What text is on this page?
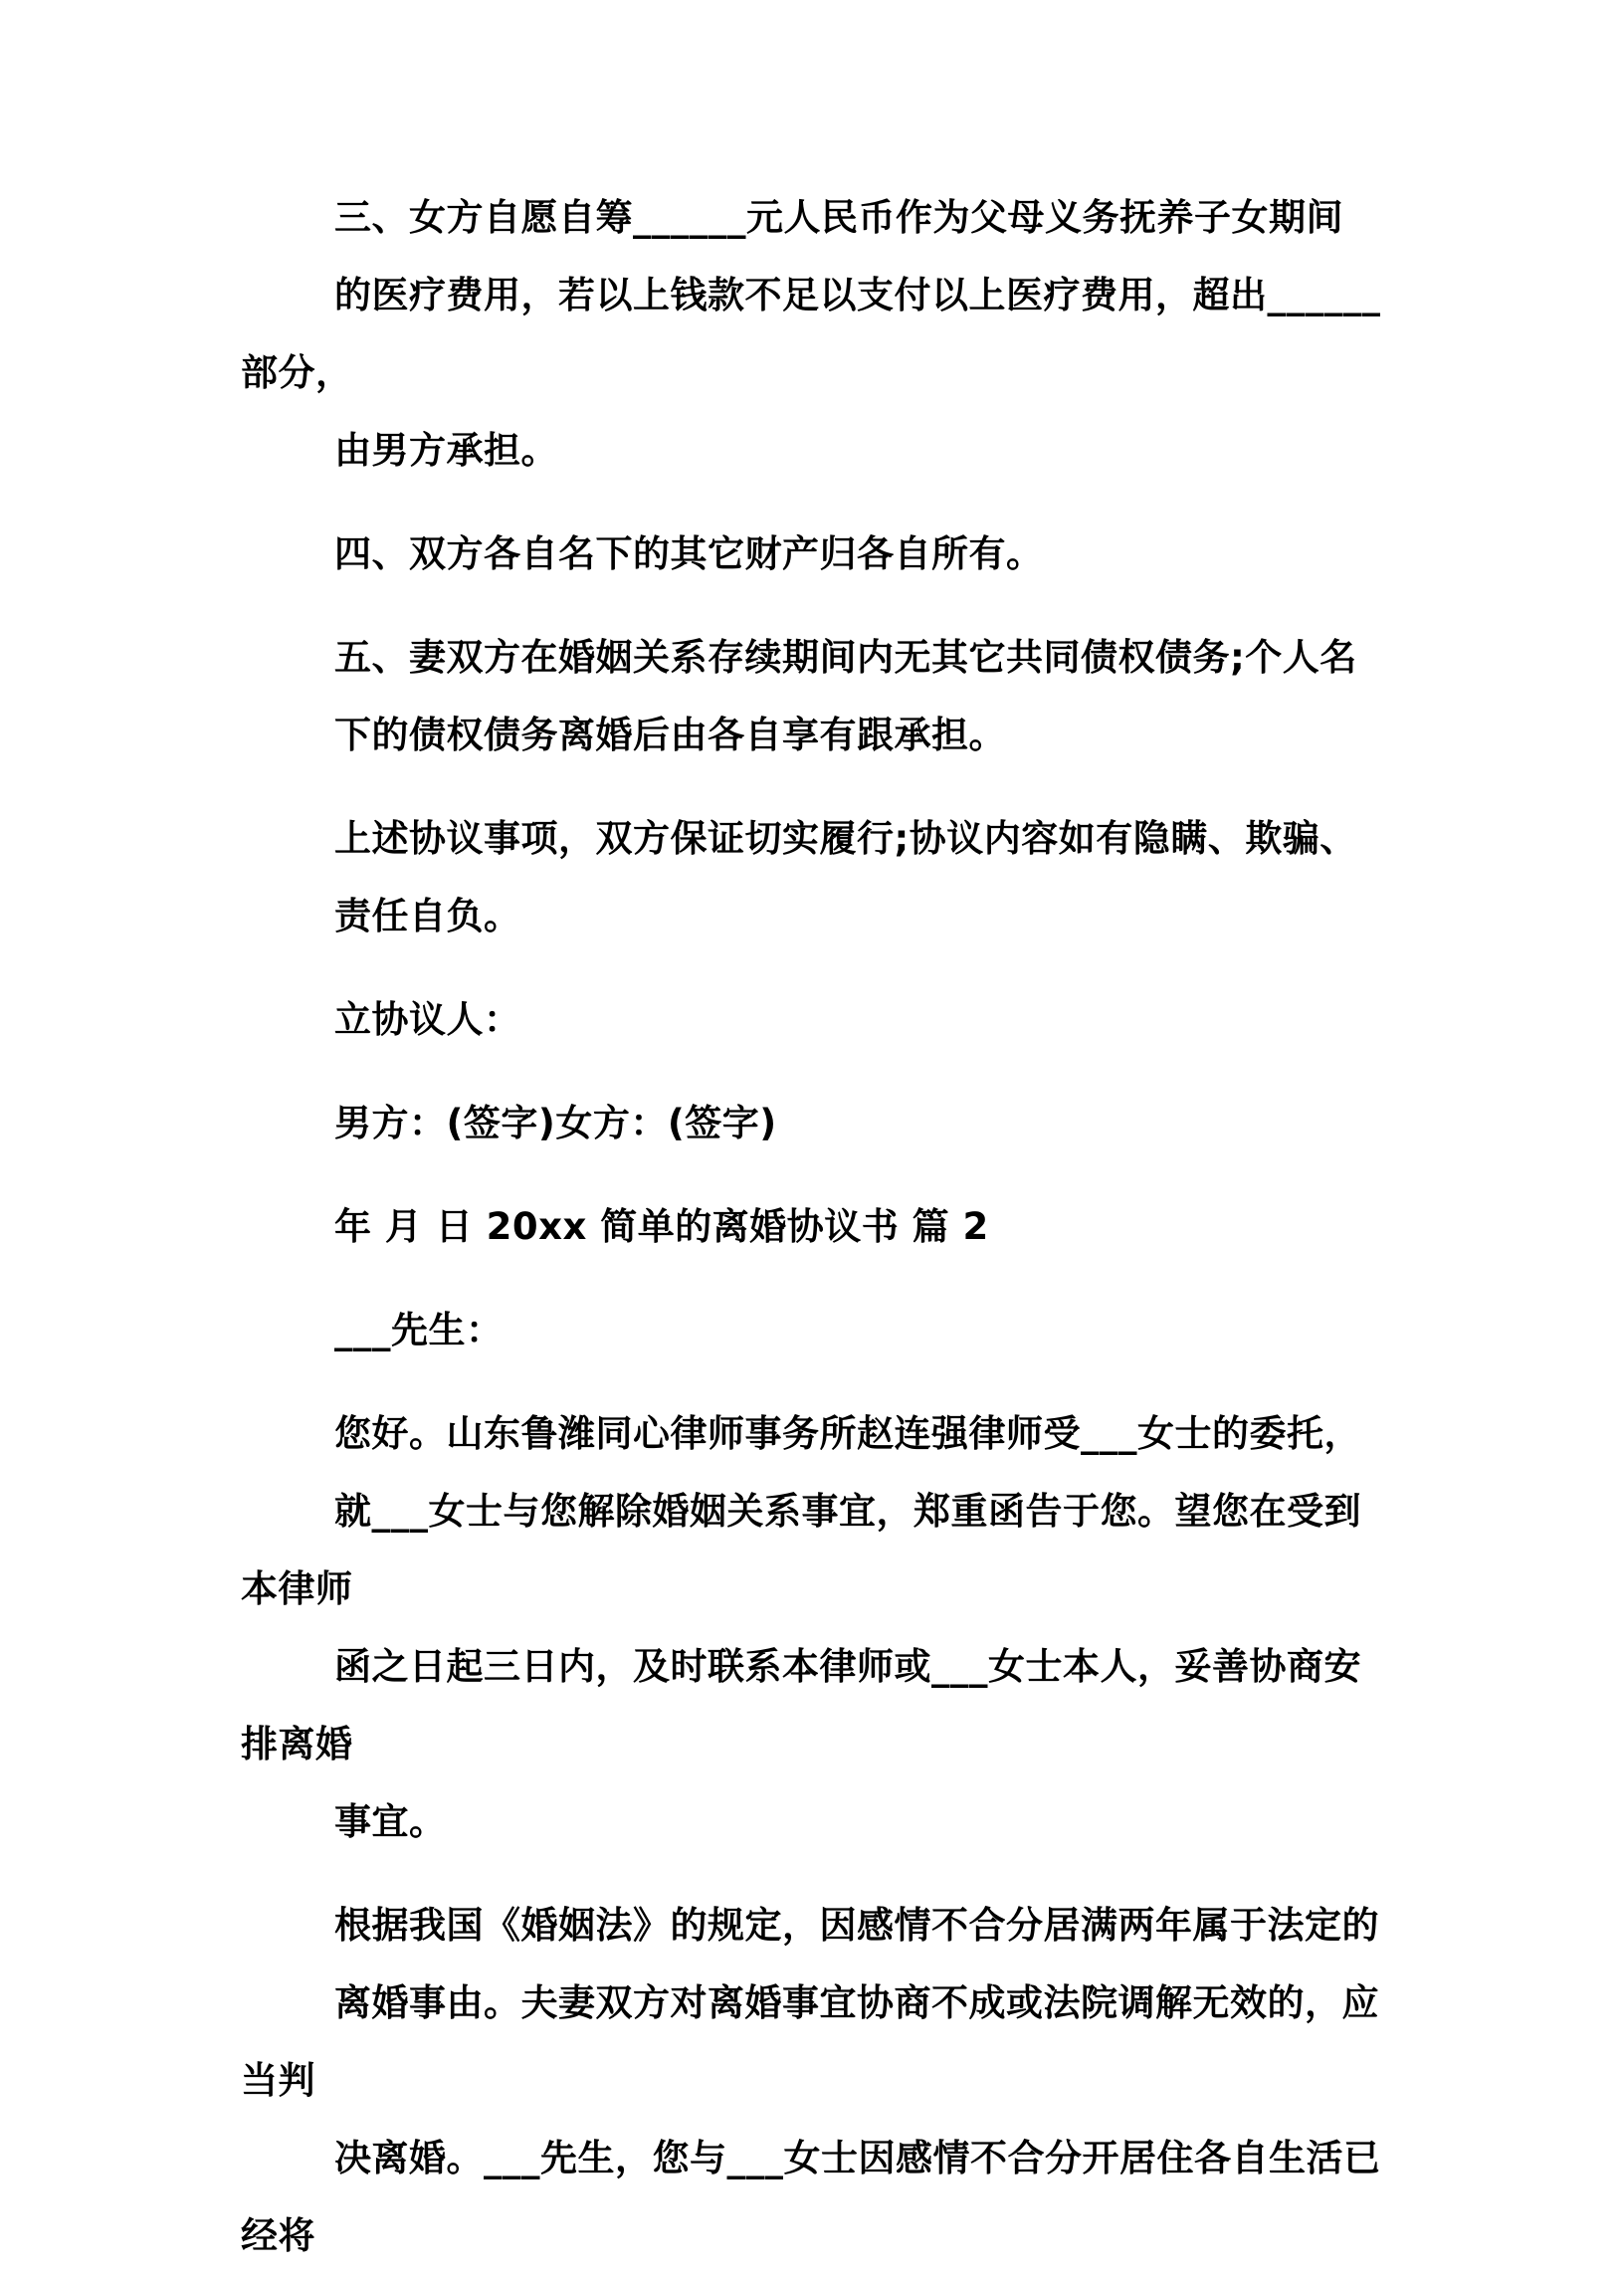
三、女方自愿自筹______元人民币作为父母义务抚养子女期间
的医疗费用，若以上钱款不足以支付以上医疗费用，超出______部分，
由男方承担。

四、双方各自名下的其它财产归各自所有。

五、妻双方在婚姻关系存续期间内无其它共同债权债务;个人名
下的债权债务离婚后由各自享有跟承担。

上述协议事项，双方保证切实履行;协议内容如有隐瞒、欺骗、
责任自负。

立协议人：

男方：(签字)女方：(签字)

年 月 日 20xx 简单的离婚协议书 篇 2

___先生：

您好。山东鲁潍同心律师事务所赵连强律师受___女士的委托，
就___女士与您解除婚姻关系事宜，郑重函告于您。望您在受到本律师
函之日起三日内，及时联系本律师或___女士本人，妥善协商安排离婚
事宜。

根据我国《婚姻法》的规定，因感情不合分居满两年属于法定的
离婚事由。夫妻双方对离婚事宜协商不成或法院调解无效的，应当判
决离婚。___先生，您与___女士因感情不合分开居住各自生活已经将
